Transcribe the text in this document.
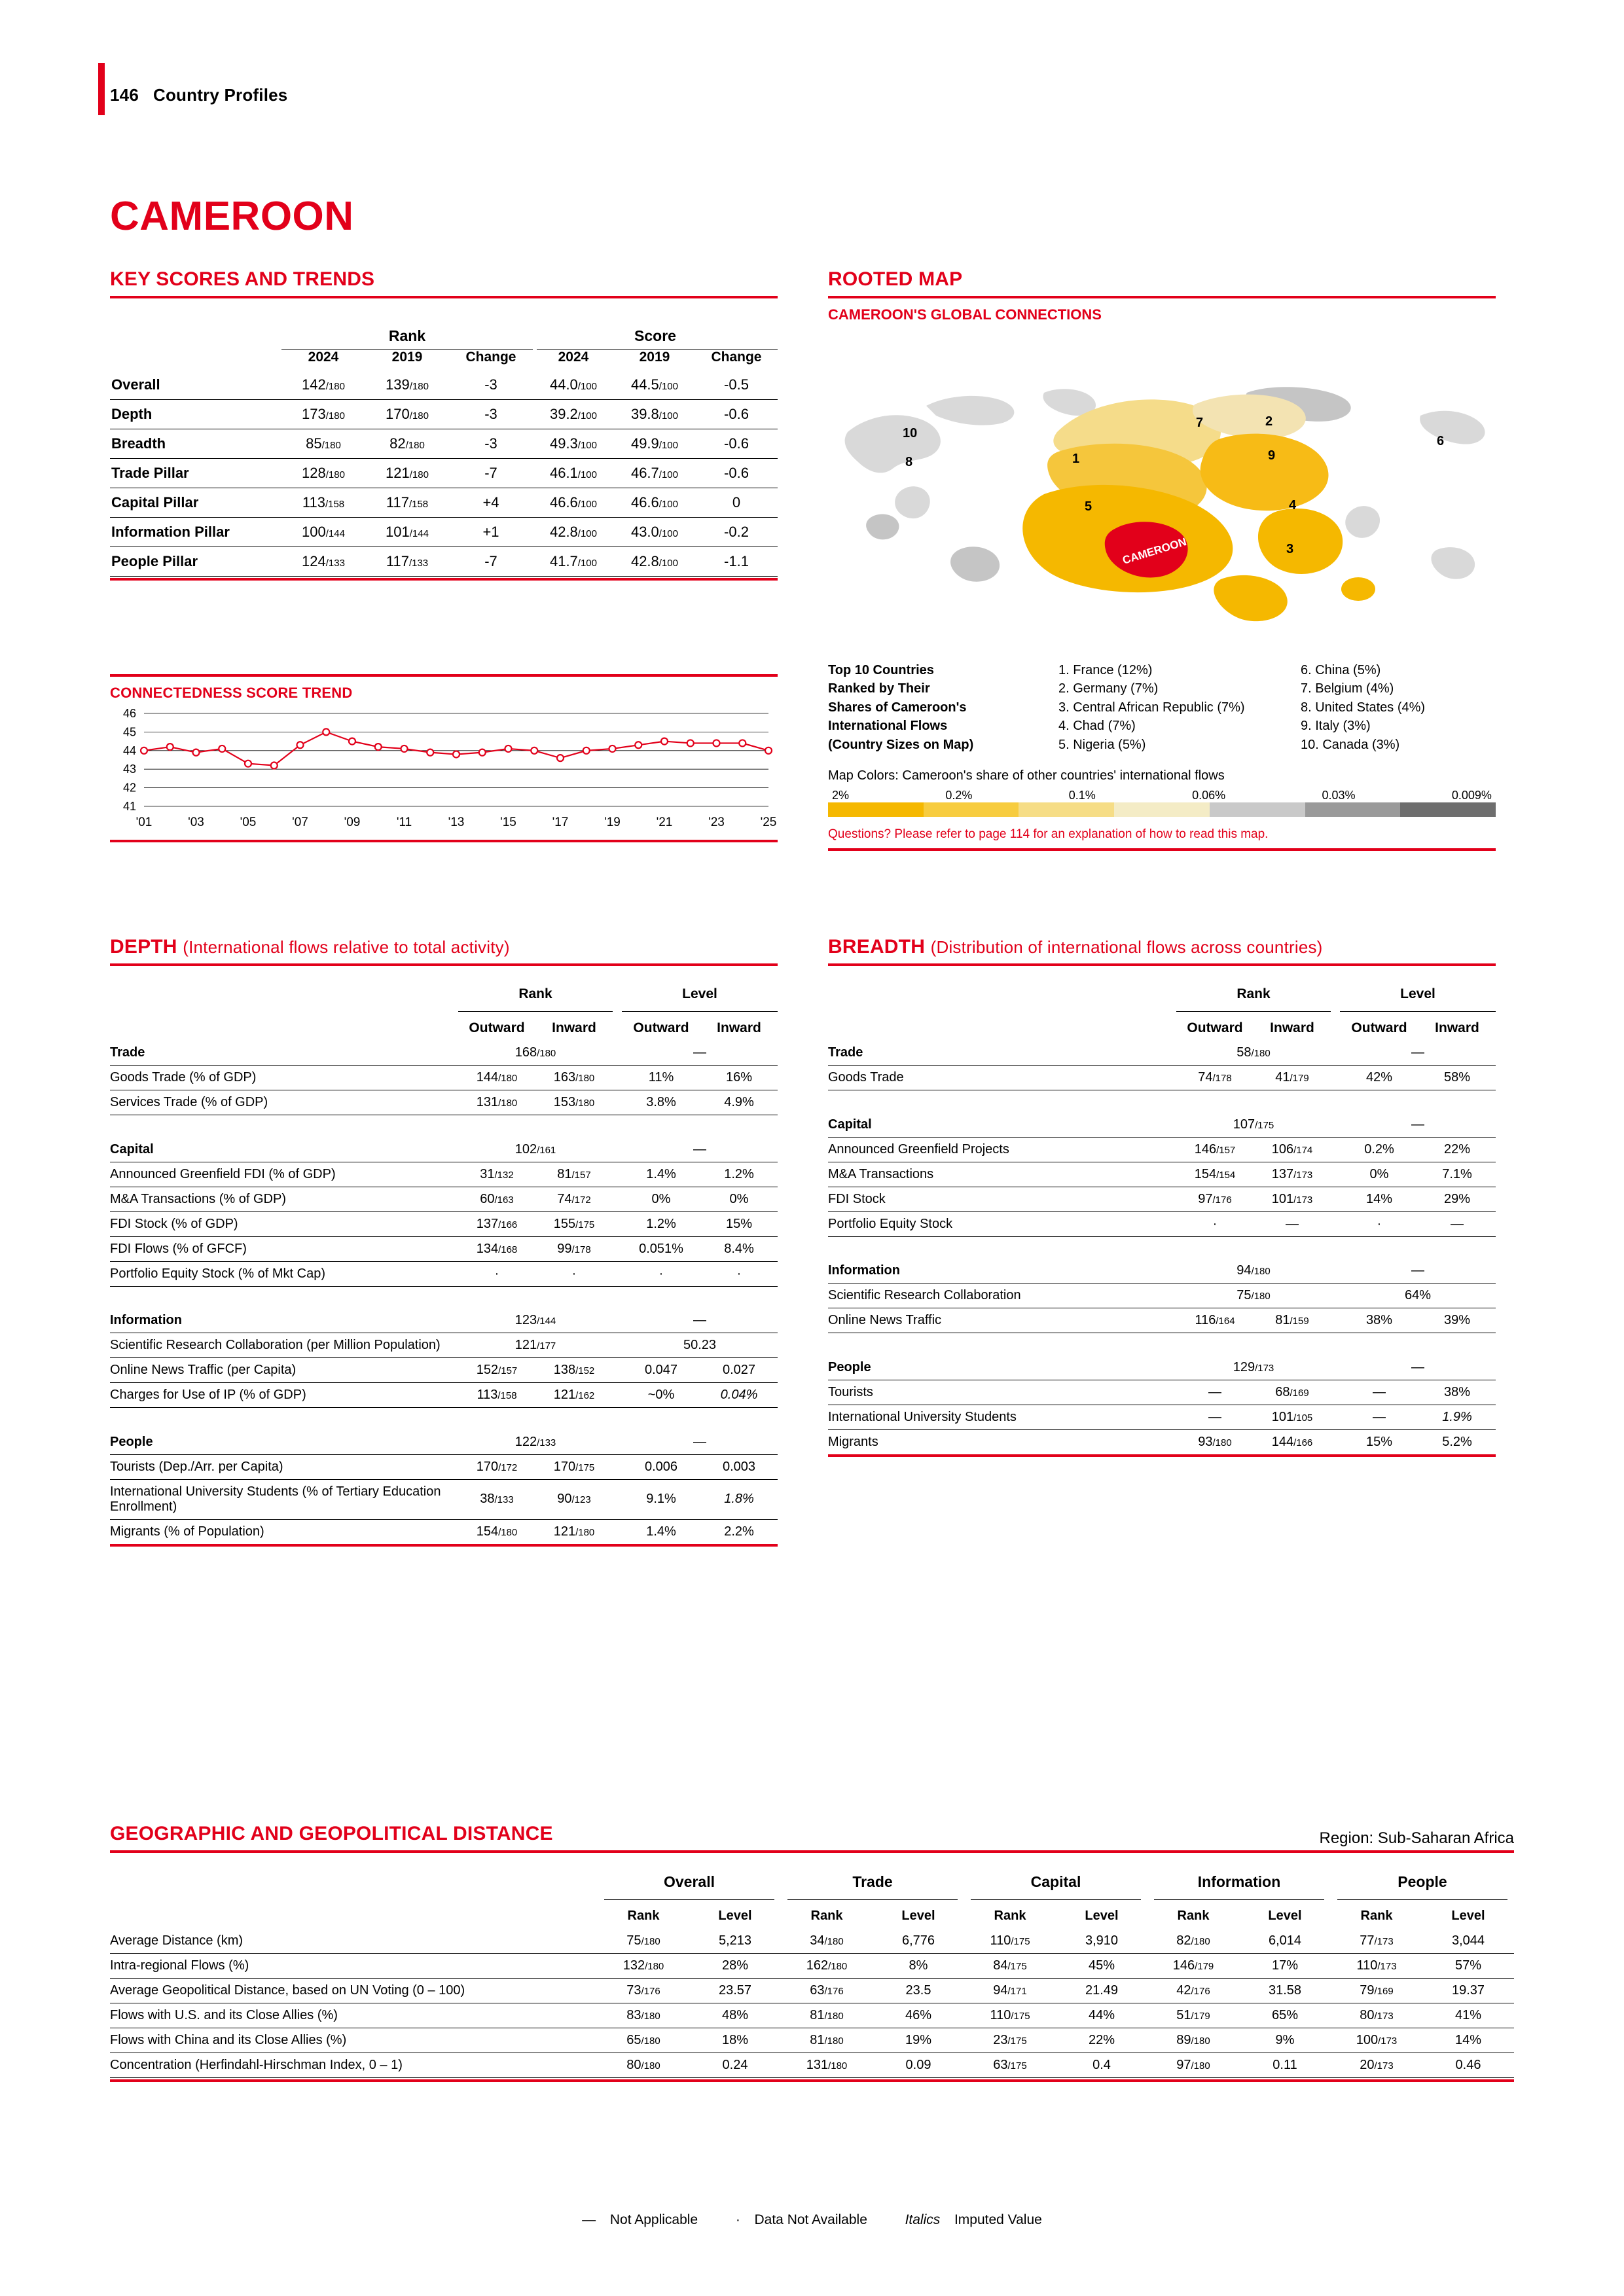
146 Country Profiles
CAMEROON
KEY SCORES AND TRENDS
	Rank			Score		

	2024	2019	Change	2024	2019	Change
Overall	142/180	139/180	-3	44.0/100	44.5/100	-0.5
Depth	173/180	170/180	-3	39.2/100	39.8/100	-0.6
Breadth	85/180	82/180	-3	49.3/100	49.9/100	-0.6
Trade Pillar	128/180	121/180	-7	46.1/100	46.7/100	-0.6
Capital Pillar	113/158	117/158	+4	46.6/100	46.6/100	0
Information Pillar	100/144	101/144	+1	42.8/100	43.0/100	-0.2
People Pillar	124/133	117/133	-7	41.7/100	42.8/100	-1.1
CONNECTEDNESS SCORE TREND
41
42
43
44
45
46
'01	'03	'05	'07	'09	'11	'13	'15	'17	'19	'21	'23	'25
ROOTED MAP
CAMEROON'S GLOBAL CONNECTIONS
CAMEROON
1
7	2
9
4
3
5
10
8
6
Top 10 Countries
Ranked by Their
Shares of Cameroon's
International Flows
(Country Sizes on Map)
1. France (12%)
2. Germany (7%)
3. Central African Republic (7%)
4. Chad (7%)
5. Nigeria (5%)
6. China (5%)
7. Belgium (4%)
8. United States (4%)
9. Italy (3%)
10. Canada (3%)
Map Colors: Cameroon's share of other countries' international flows
2%	0.2%	0.1%	0.06%	0.03%	0.009%
Questions? Please refer to page 114 for an explanation of how to read this map.
DEPTH (International flows relative to total activity)
	Rank			Level	

	Outward	Inward		Outward	Inward
Trade	168/180			—	
Goods Trade (% of GDP)	144/180	163/180		11%	16%
Services Trade (% of GDP)	131/180	153/180		3.8%	4.9%

Capital	102/161			—	
Announced Greenfield FDI (% of GDP)	31/132	81/157		1.4%	1.2%
M&A Transactions (% of GDP)	60/163	74/172		0%	0%
FDI Stock (% of GDP)	137/166	155/175		1.2%	15%
FDI Flows (% of GFCF)	134/168	99/178		0.051%	8.4%
Portfolio Equity Stock (% of Mkt Cap)	·	·		·	·

Information	123/144			—	
Scientific Research Collaboration (per Million Population)	121/177			50.23	
Online News Traffic (per Capita)	152/157	138/152		0.047	0.027
Charges for Use of IP (% of GDP)	113/158	121/162		~0%	0.04%

People	122/133			—	
Tourists (Dep./Arr. per Capita)	170/172	170/175		0.006	0.003
International University Students (% of Tertiary Education Enrollment)	38/133	90/123		9.1%	1.8%
Migrants (% of Population)	154/180	121/180		1.4%	2.2%
BREADTH (Distribution of international flows across countries)
	Rank			Level	

	Outward	Inward		Outward	Inward
Trade	58/180			—	
Goods Trade	74/178	41/179		42%	58%

Capital	107/175			—	
Announced Greenfield Projects	146/157	106/174		0.2%	22%
M&A Transactions	154/154	137/173		0%	7.1%
FDI Stock	97/176	101/173		14%	29%
Portfolio Equity Stock	·	—		·	—

Information	94/180			—	
Scientific Research Collaboration	75/180			64%	
Online News Traffic	116/164	81/159		38%	39%

People	129/173			—	
Tourists	—	68/169		—	38%
International University Students	—	101/105		—	1.9%
Migrants	93/180	144/166		15%	5.2%
GEOGRAPHIC AND GEOPOLITICAL DISTANCE	Region: Sub-Saharan Africa
	Overall		Trade		Capital		Information		People	

	Rank	Level	Rank	Level	Rank	Level	Rank	Level	Rank	Level
Average Distance (km)	75/180	5,213	34/180	6,776	110/175	3,910	82/180	6,014	77/173	3,044
Intra-regional Flows (%)	132/180	28%	162/180	8%	84/175	45%	146/179	17%	110/173	57%
Average Geopolitical Distance, based on UN Voting (0 – 100)	73/176	23.57	63/176	23.5	94/171	21.49	42/176	31.58	79/169	19.37
Flows with U.S. and its Close Allies (%)	83/180	48%	81/180	46%	110/175	44%	51/179	65%	80/173	41%
Flows with China and its Close Allies (%)	65/180	18%	81/180	19%	23/175	22%	89/180	9%	100/173	14%
Concentration (Herfindahl-Hirschman Index, 0 – 1)	80/180	0.24	131/180	0.09	63/175	0.4	97/180	0.11	20/173	0.46
— Not Applicable	· Data Not Available	Italics Imputed Value
